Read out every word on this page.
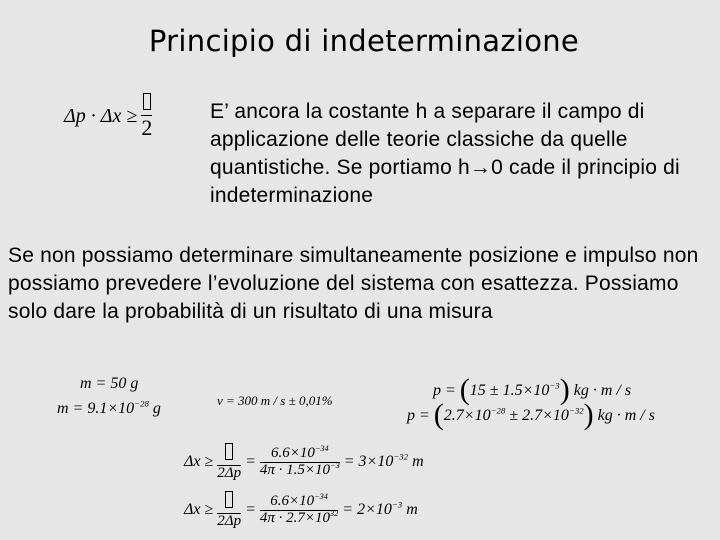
Principio di indeterminazione
Δp · Δx ≥ 2
E’ ancora la costante h a separare il campo di applicazione delle teorie classiche da quelle quantistiche. Se portiamo h→0 cade il principio di indeterminazione
Se non possiamo determinare simultaneamente posizione e impulso non possiamo prevedere l’evoluzione del sistema con esattezza. Possiamo solo dare la probabilità di un risultato di una misura
m = 50 g
$m = 9.1\times 10^{-28}$ g	v = 300 m / s ± 0,01%
$p = (15 \pm 1.5\times 10^{-3})$ kg · m / s
$p = (2.7\times 10^{-28} \pm 2.7\times 10^{-32})$ kg · m / s
Δx ≥
2Δp
= $\frac{6.6\times 10^{-34}}{4\pi \cdot 1.5\times 10^{-3}} = 3\times 10^{-32}$ m
Δx ≥
2Δp
= $\frac{6.6\times 10^{-34}}{4\pi \cdot 2.7\times 10^{32}} = 2\times 10^{-3}$ m
